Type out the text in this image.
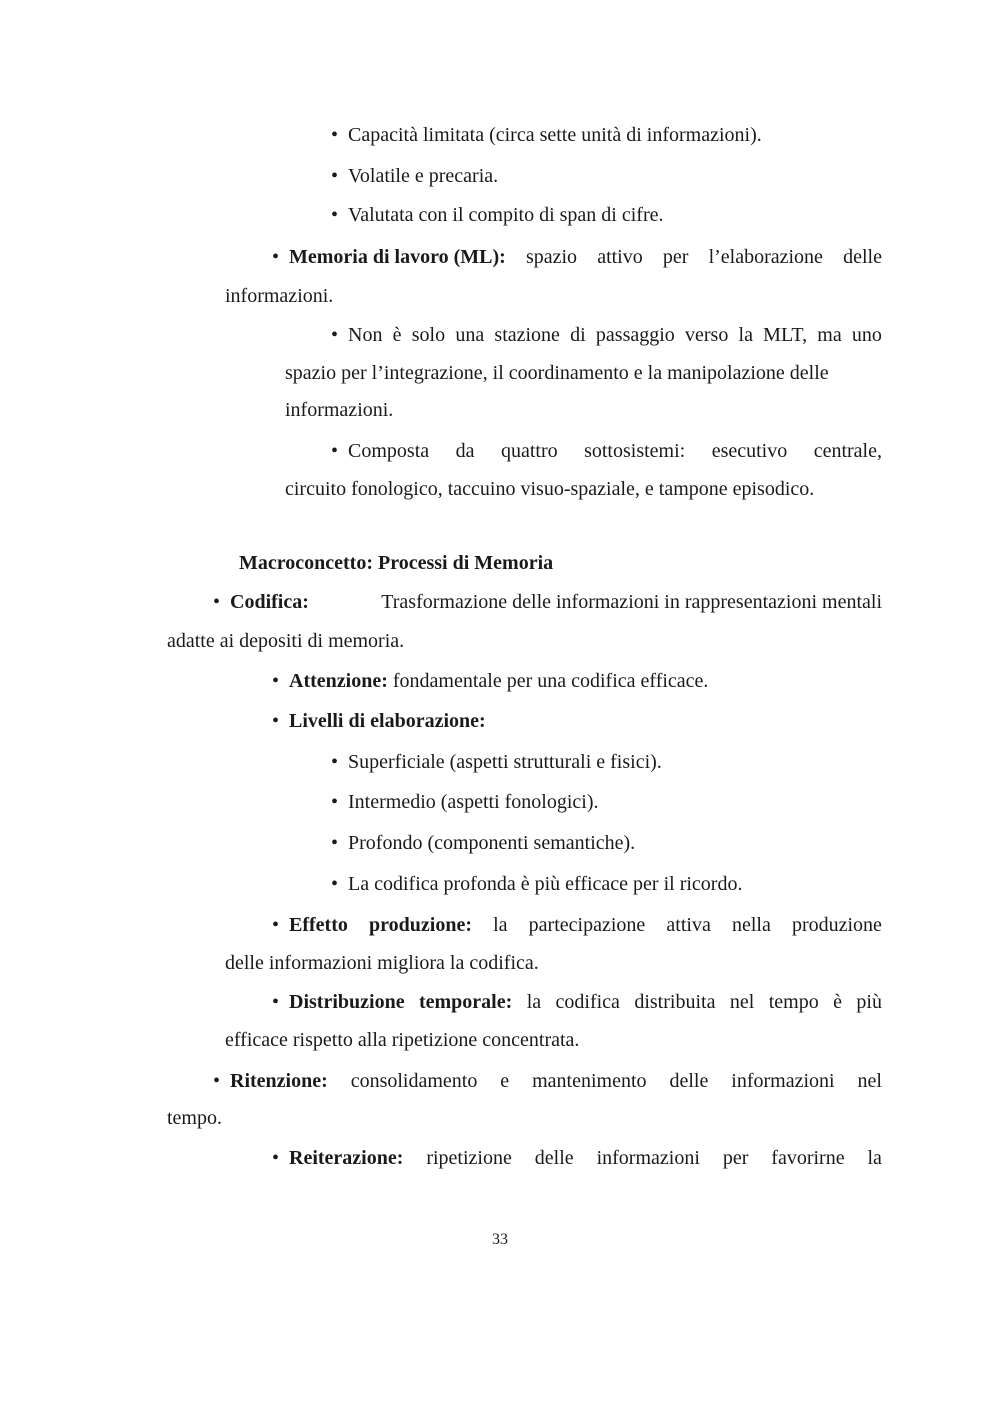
• Capacità limitata (circa sette unità di informazioni).
• Volatile e precaria.
• Valutata con il compito di span di cifre.
• Memoria di lavoro (ML): spazio attivo per l’elaborazione delle
informazioni.
• Non è solo una stazione di passaggio verso la MLT, ma uno
spazio per l’integrazione, il coordinamento e la manipolazione delle
informazioni.
• Composta da quattro sottosistemi: esecutivo centrale,
circuito fonologico, taccuino visuo-spaziale, e tampone episodico.
Macroconcetto: Processi di Memoria
• Codifica:	Trasformazione delle informazioni in rappresentazioni mentali
adatte ai depositi di memoria.
• Attenzione: fondamentale per una codifica efficace.
• Livelli di elaborazione:
• Superficiale (aspetti strutturali e fisici).
• Intermedio (aspetti fonologici).
• Profondo (componenti semantiche).
• La codifica profonda è più efficace per il ricordo.
• Effetto produzione: la partecipazione attiva nella produzione
delle informazioni migliora la codifica.
• Distribuzione temporale: la codifica distribuita nel tempo è più
efficace rispetto alla ripetizione concentrata.
• Ritenzione: consolidamento e mantenimento delle informazioni nel
tempo.
• Reiterazione: ripetizione delle informazioni per favorirne la
33
